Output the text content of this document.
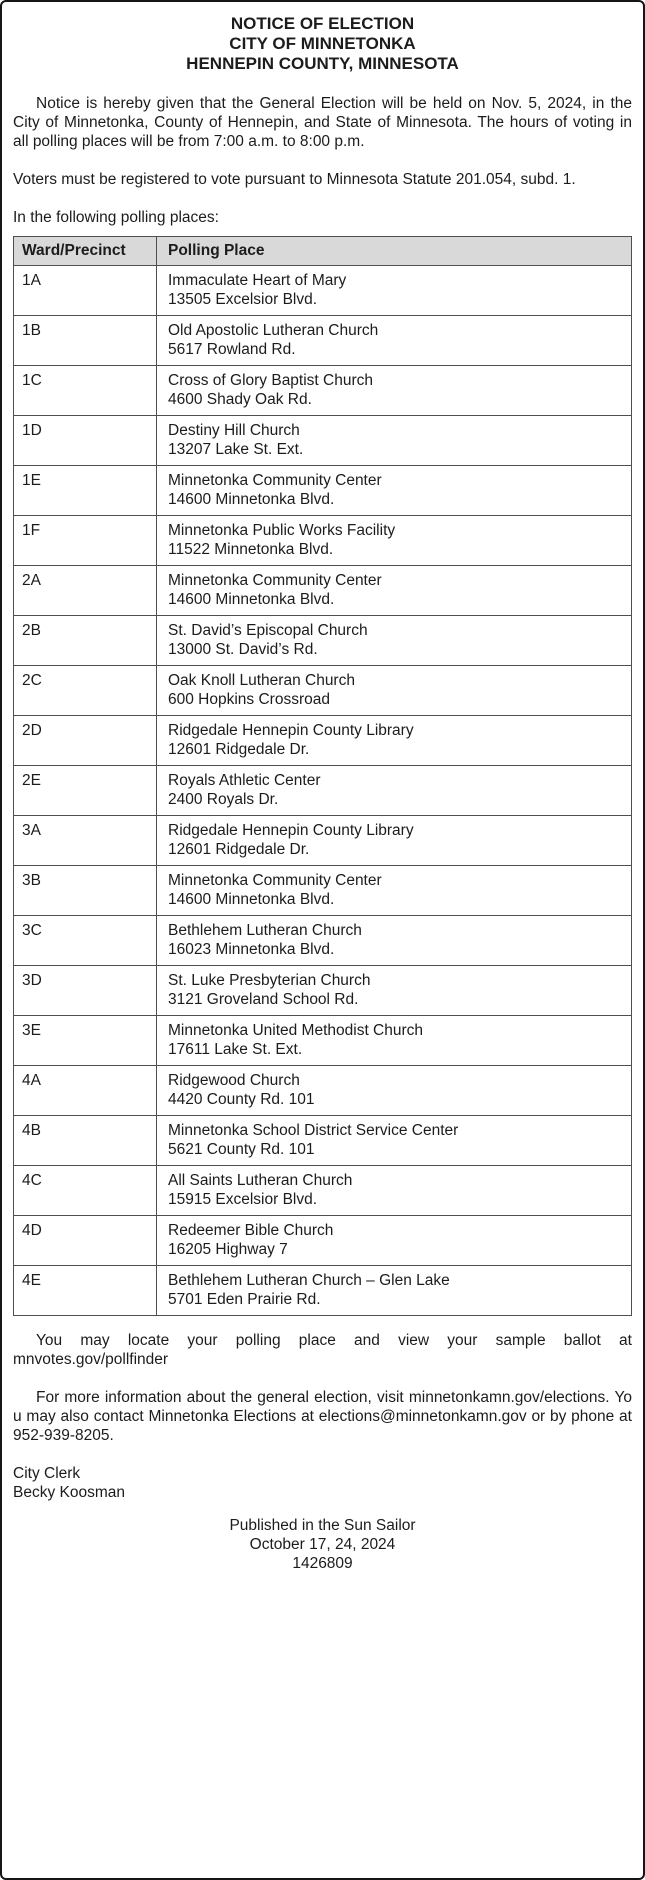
NOTICE OF ELECTION
CITY OF MINNETONKA
HENNEPIN COUNTY, MINNESOTA

Notice is hereby given that the General Election will be held on Nov. 5, 2024, in the City of Minnetonka, County of Hennepin, and State of Minnesota. The hours of voting in all polling places will be from 7:00 a.m. to 8:00 p.m.

Voters must be registered to vote pursuant to Minnesota Statute 201.054, subd. 1.

In the following polling places:

Ward/Precinct	Polling Place
1A	Immaculate Heart of Mary
13505 Excelsior Blvd.

1B	Old Apostolic Lutheran Church
5617 Rowland Rd.

1C	Cross of Glory Baptist Church
4600 Shady Oak Rd.

1D	Destiny Hill Church
13207 Lake St. Ext.

1E	Minnetonka Community Center
14600 Minnetonka Blvd.

1F	Minnetonka Public Works Facility
11522 Minnetonka Blvd.

2A	Minnetonka Community Center
14600 Minnetonka Blvd.

2B	St. David’s Episcopal Church
13000 St. David’s Rd.

2C	Oak Knoll Lutheran Church
600 Hopkins Crossroad

2D	Ridgedale Hennepin County Library
12601 Ridgedale Dr.

2E	Royals Athletic Center
2400 Royals Dr.

3A	Ridgedale Hennepin County Library
12601 Ridgedale Dr.

3B	Minnetonka Community Center
14600 Minnetonka Blvd.

3C	Bethlehem Lutheran Church
16023 Minnetonka Blvd.

3D	St. Luke Presbyterian Church
3121 Groveland School Rd.

3E	Minnetonka United Methodist Church
17611 Lake St. Ext.

4A	Ridgewood Church
4420 County Rd. 101

4B	Minnetonka School District Service Center
5621 County Rd. 101

4C	All Saints Lutheran Church
15915 Excelsior Blvd.

4D	Redeemer Bible Church
16205 Highway 7

4E	Bethlehem Lutheran Church – Glen Lake
5701 Eden Prairie Rd.

You may locate your polling place and view your sample ballot at mnvotes.gov/pollfinder

For more information about the general election, visit minnetonkamn.gov/elections. You may also contact Minnetonka Elections at elections@minnetonkamn.gov or by phone at 952-939-8205.

City Clerk
Becky Koosman
Published in the Sun Sailor
October 17, 24, 2024
1426809
